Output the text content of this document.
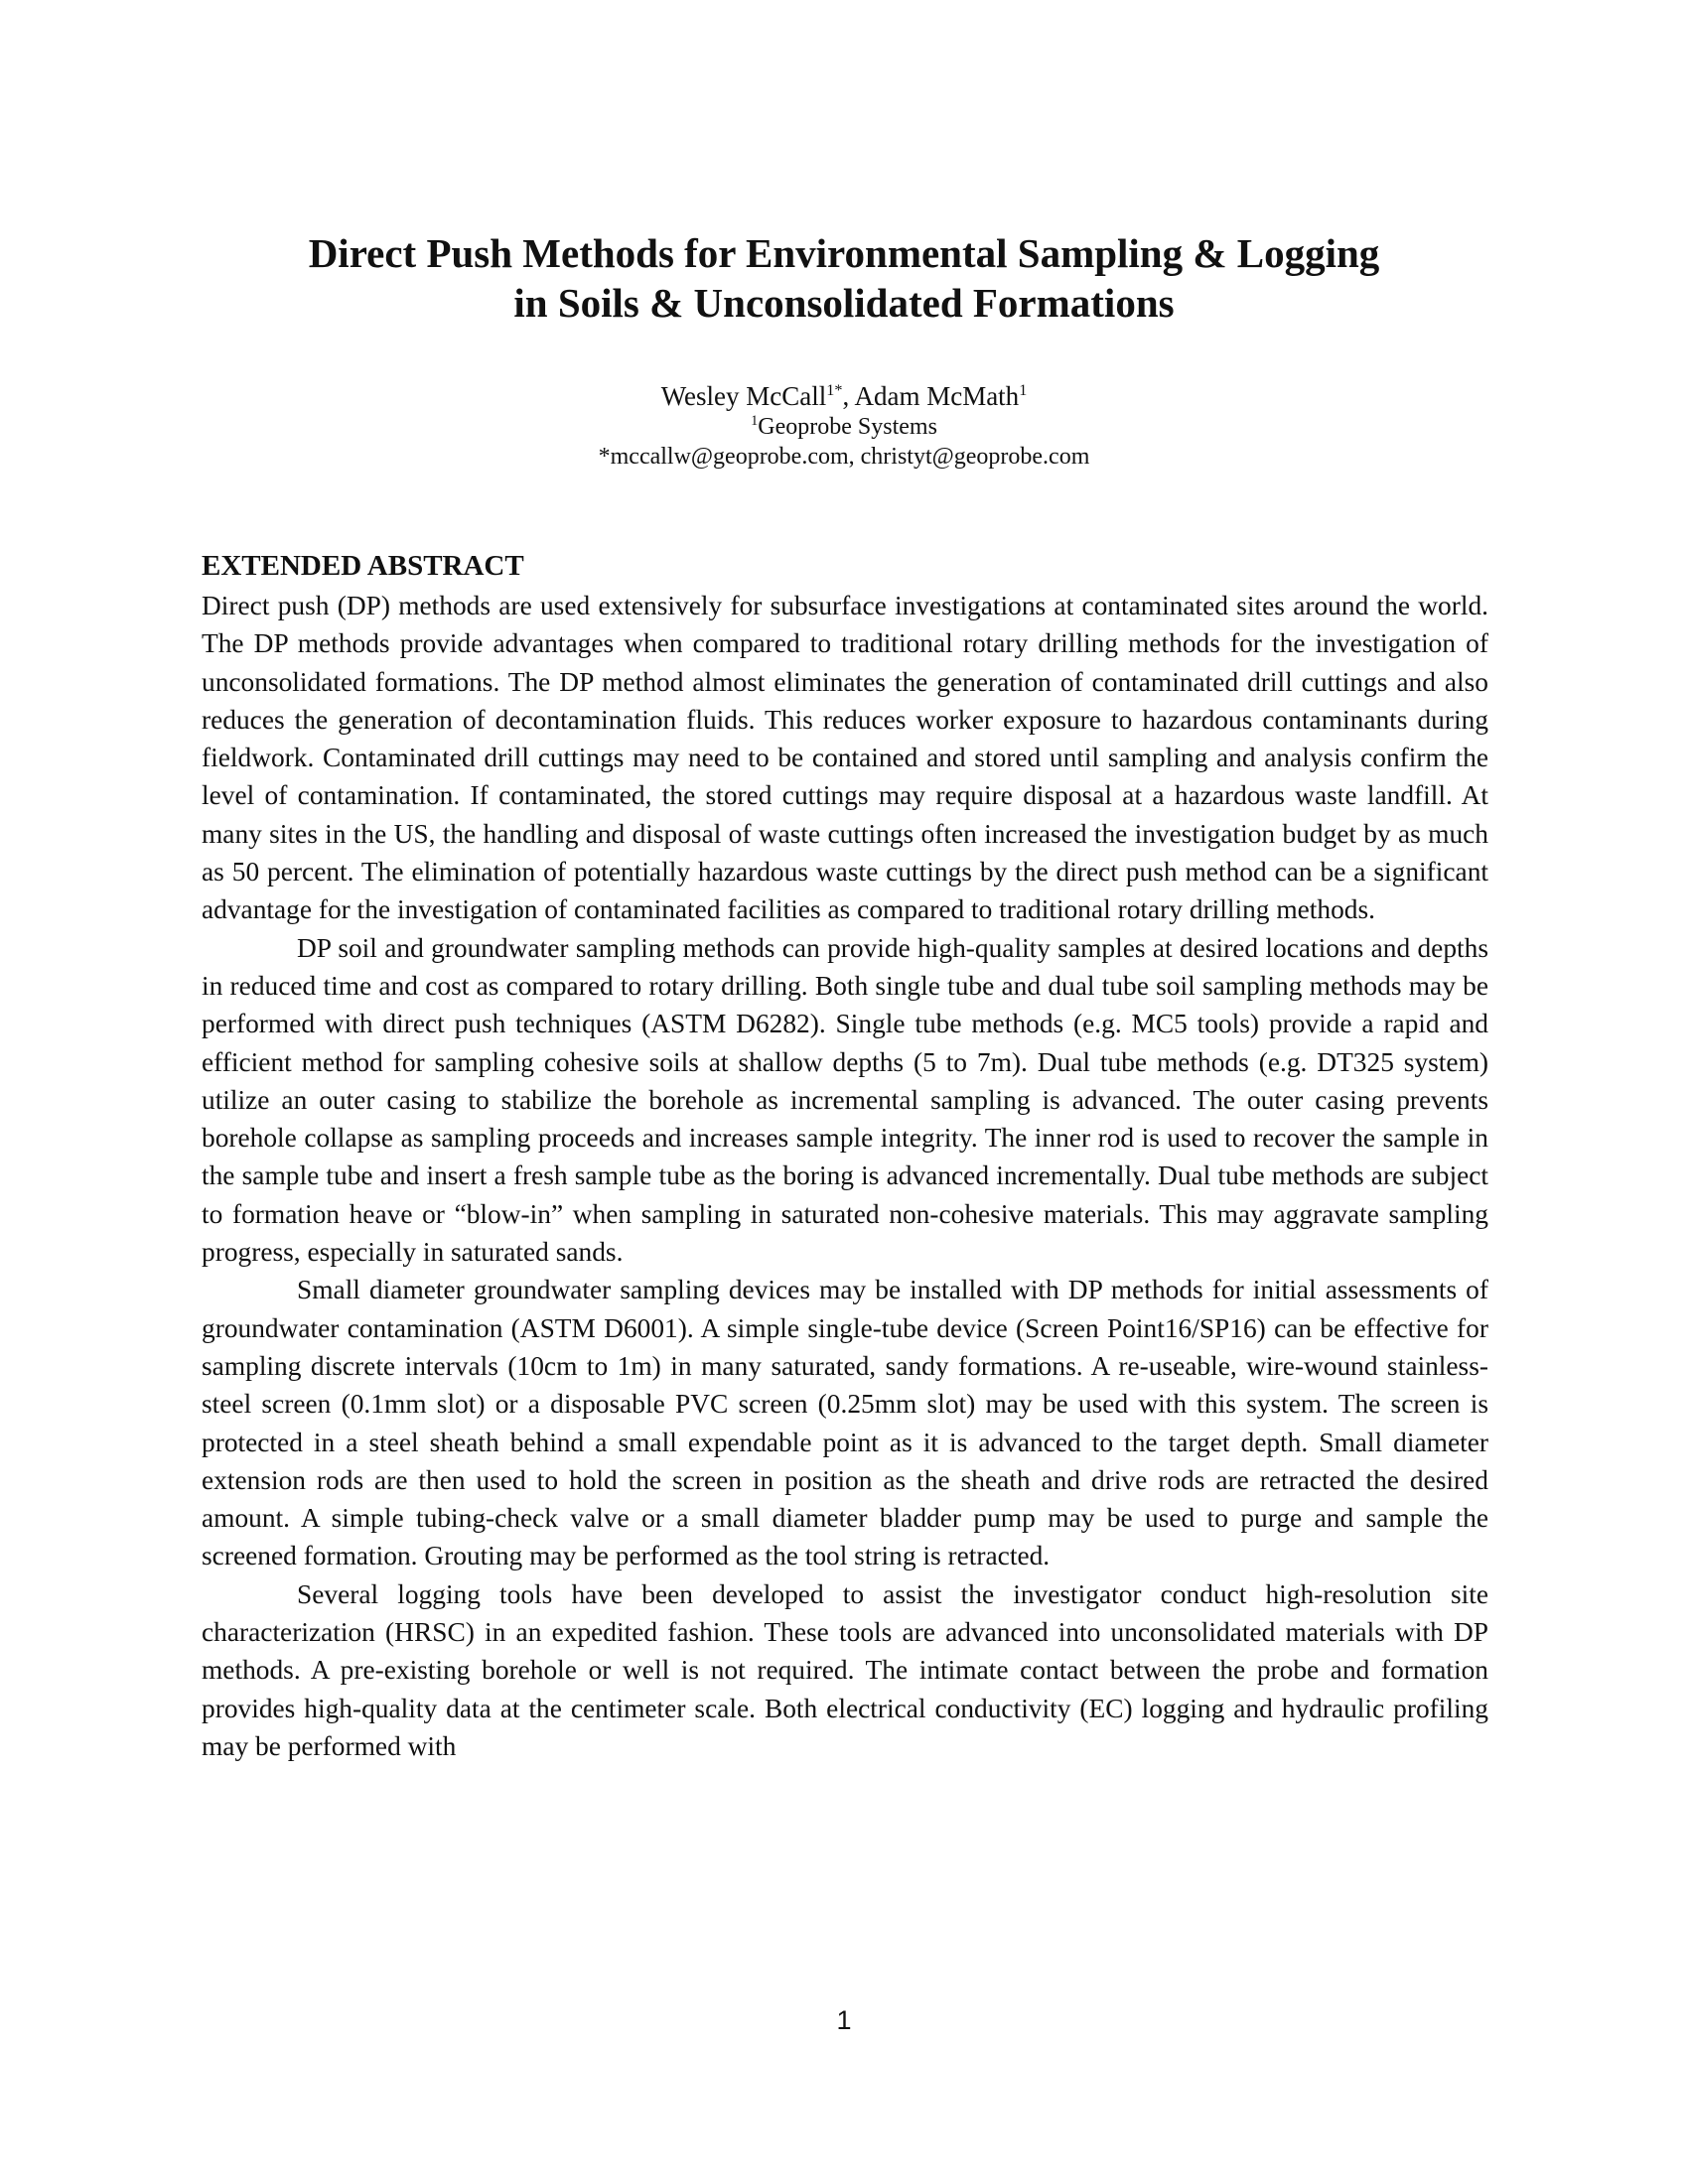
Direct Push Methods for Environmental Sampling & Logging
in Soils & Unconsolidated Formations
Wesley McCall$^{1*}$, Adam McMath$^1$
$^1$Geoprobe Systems
*mccallw@geoprobe.com, christyt@geoprobe.com
EXTENDED ABSTRACT

Direct push (DP) methods are used extensively for subsurface investigations at contaminated sites around the world. The DP methods provide advantages when compared to traditional rotary drilling methods for the investigation of unconsolidated formations. The DP method almost eliminates the generation of contaminated drill cuttings and also reduces the generation of decontamination fluids. This reduces worker exposure to hazardous contaminants during fieldwork. Contaminated drill cuttings may need to be contained and stored until sampling and analysis confirm the level of contamination. If contaminated, the stored cuttings may require disposal at a hazardous waste landfill. At many sites in the US, the handling and disposal of waste cuttings often increased the investigation budget by as much as 50 percent. The elimination of potentially hazardous waste cuttings by the direct push method can be a significant advantage for the investigation of contaminated facilities as compared to traditional rotary drilling methods.

DP soil and groundwater sampling methods can provide high-quality samples at desired locations and depths in reduced time and cost as compared to rotary drilling. Both single tube and dual tube soil sampling methods may be performed with direct push techniques (ASTM D6282). Single tube methods (e.g. MC5 tools) provide a rapid and efficient method for sampling cohesive soils at shallow depths (5 to 7m). Dual tube methods (e.g. DT325 system) utilize an outer casing to stabilize the borehole as incremental sampling is advanced. The outer casing prevents borehole collapse as sampling proceeds and increases sample integrity. The inner rod is used to recover the sample in the sample tube and insert a fresh sample tube as the boring is advanced incrementally. Dual tube methods are subject to formation heave or “blow-in” when sampling in saturated non-cohesive materials. This may aggravate sampling progress, especially in saturated sands.

Small diameter groundwater sampling devices may be installed with DP methods for initial assessments of groundwater contamination (ASTM D6001). A simple single-tube device (Screen Point16/SP16) can be effective for sampling discrete intervals (10cm to 1m) in many saturated, sandy formations. A re-useable, wire-wound stainless-steel screen (0.1mm slot) or a disposable PVC screen (0.25mm slot) may be used with this system. The screen is protected in a steel sheath behind a small expendable point as it is advanced to the target depth. Small diameter extension rods are then used to hold the screen in position as the sheath and drive rods are retracted the desired amount. A simple tubing-check valve or a small diameter bladder pump may be used to purge and sample the screened formation. Grouting may be performed as the tool string is retracted.

Several logging tools have been developed to assist the investigator conduct high-resolution site characterization (HRSC) in an expedited fashion. These tools are advanced into unconsolidated materials with DP methods. A pre-existing borehole or well is not required. The intimate contact between the probe and formation provides high-quality data at the centimeter scale. Both electrical conductivity (EC) logging and hydraulic profiling may be performed with

1
